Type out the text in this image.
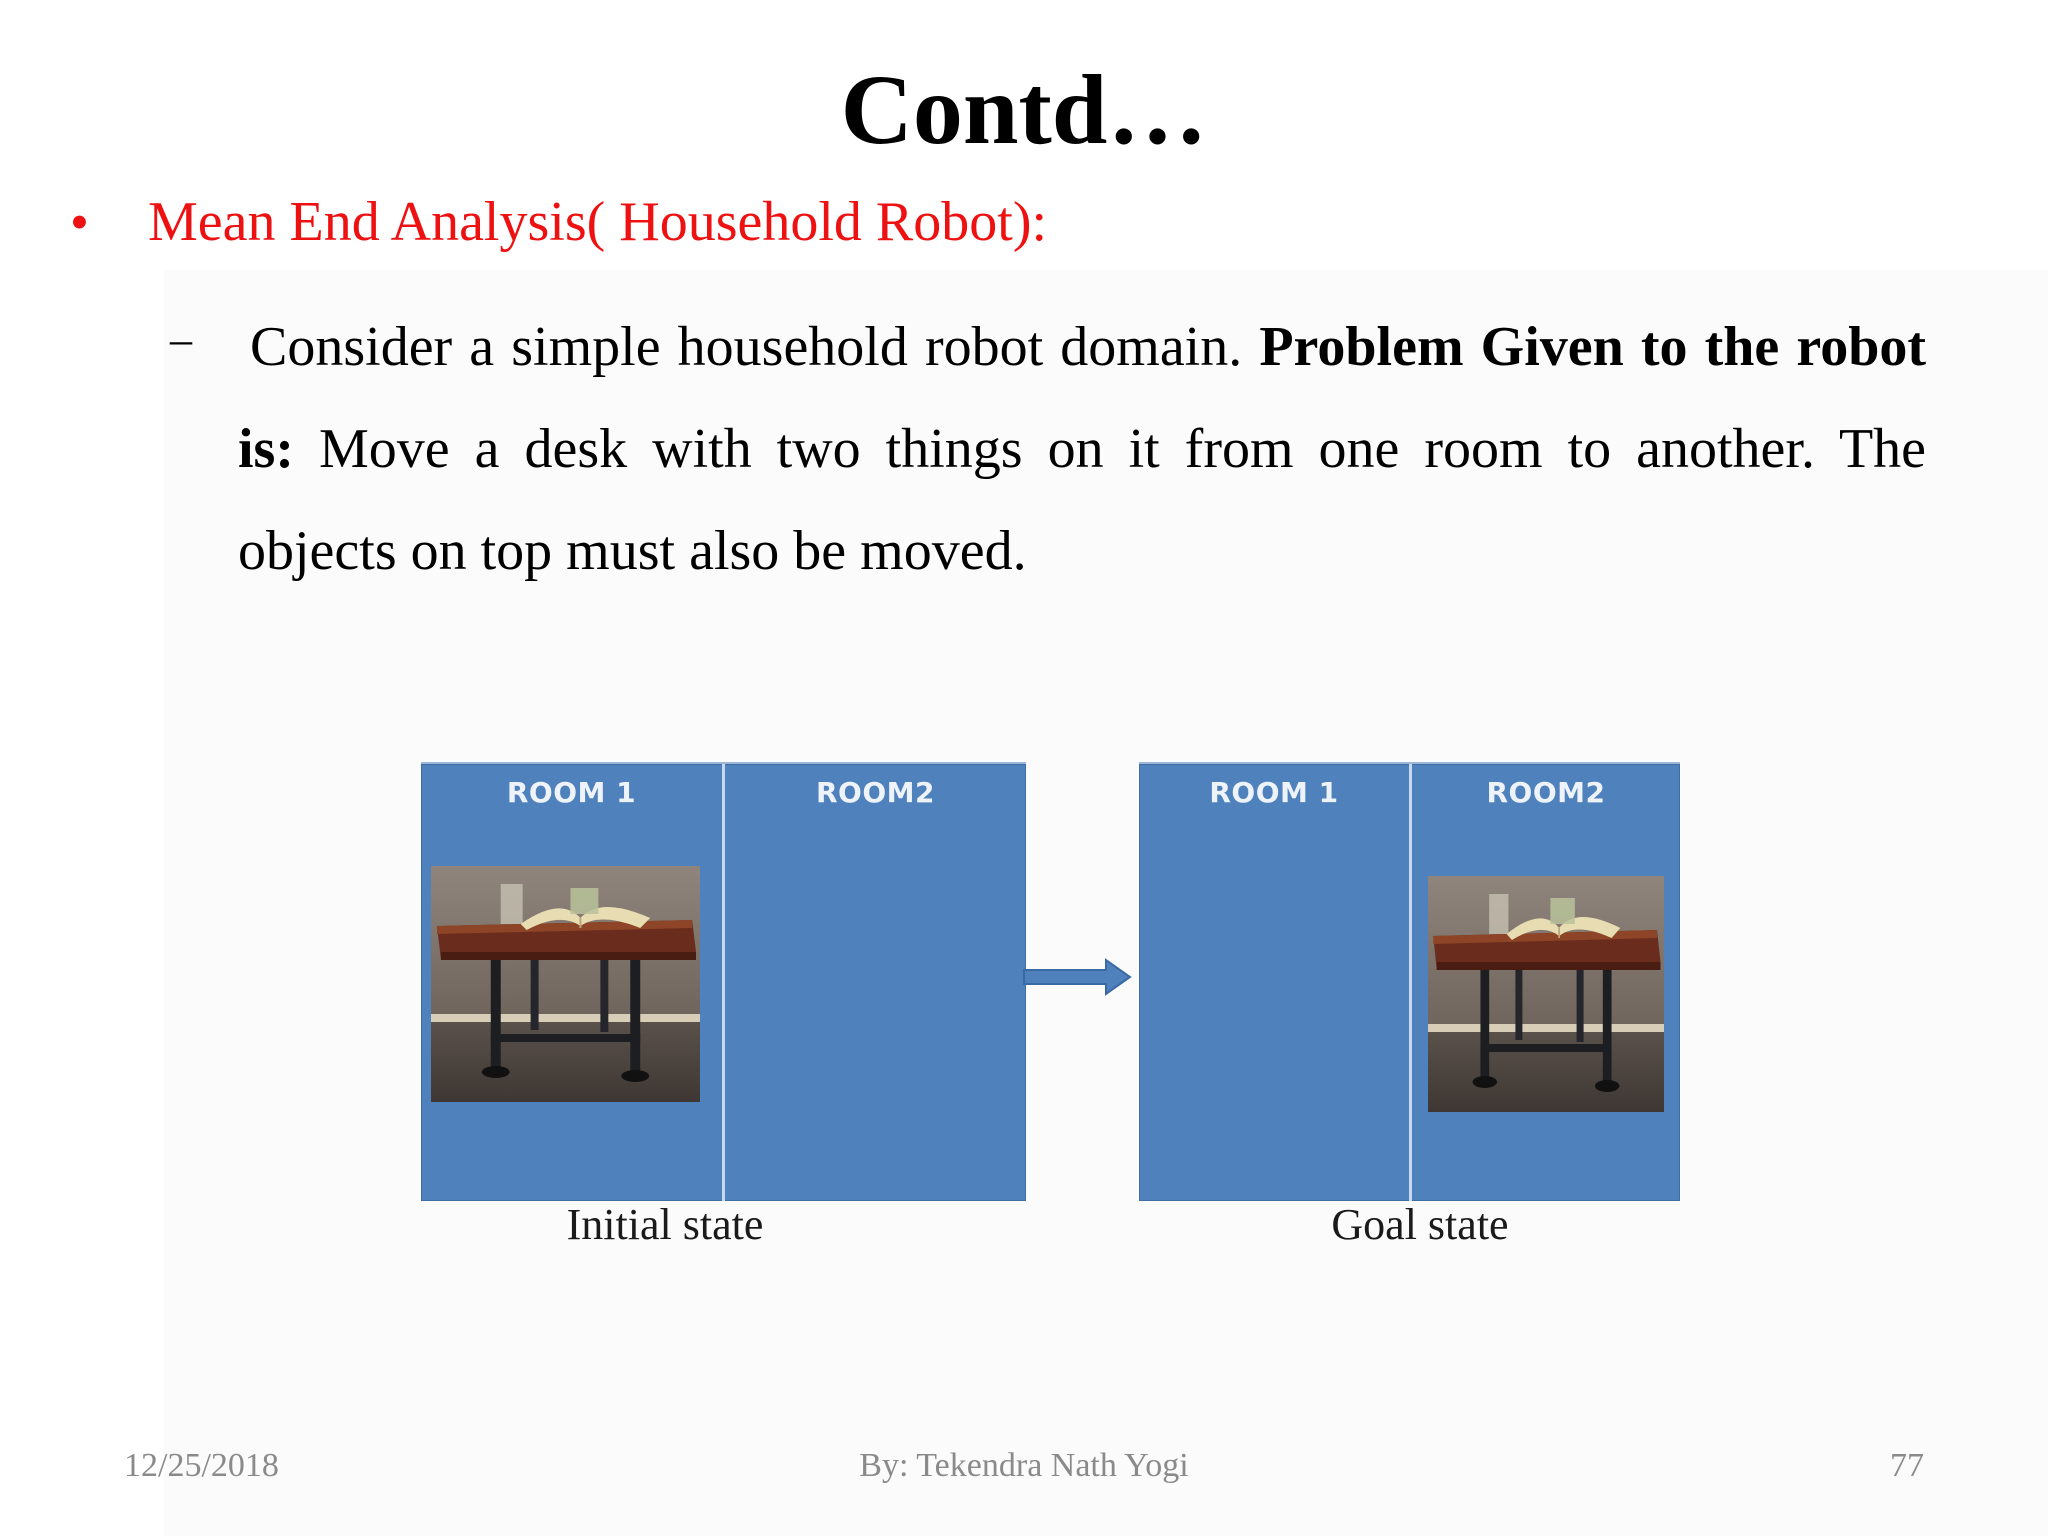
Contd…
• Mean End Analysis( Household Robot):
– Consider a simple household robot domain. Problem Given to the robot is: Move a desk with two things on it from one room to another. The objects on top must also be moved.
ROOM 1	ROOM2
Initial state
ROOM 1	ROOM2
Goal state
12/25/2018	By: Tekendra Nath Yogi	77
